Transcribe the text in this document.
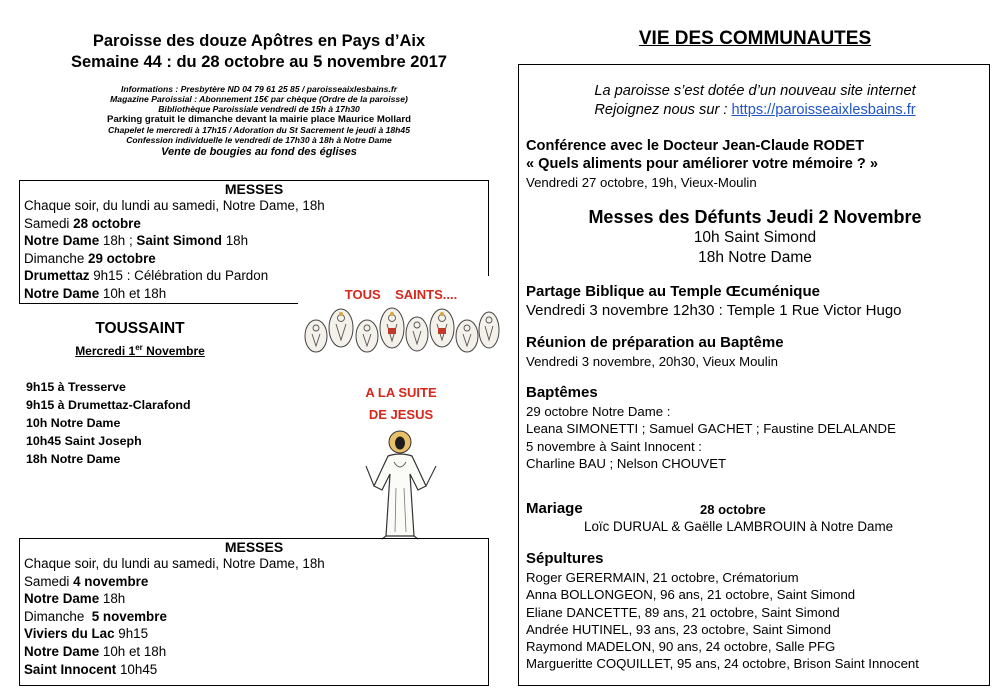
Paroisse des douze Apôtres en Pays d’Aix
Semaine 44 : du 28 octobre au 5 novembre 2017
Informations : Presbytère ND 04 79 61 25 85 / paroisseaixlesbains.fr
Magazine Paroissial : Abonnement 15€ par chèque (Ordre de la paroisse)
Bibliothèque Paroissiale vendredi de 15h à 17h30
Parking gratuit le dimanche devant la mairie place Maurice Mollard
Chapelet le mercredi à 17h15 / Adoration du St Sacrement le jeudi à 18h45
Confession individuelle le vendredi de 17h30 à 18h à Notre Dame
Vente de bougies au fond des églises
MESSES
Chaque soir, du lundi au samedi, Notre Dame, 18h
Samedi 28 octobre
Notre Dame 18h ; Saint Simond 18h
Dimanche 29 octobre
Drumettaz 9h15 : Célébration du Pardon
Notre Dame 10h et 18h
TOUSSAINT
Mercredi 1er Novembre
9h15 à Tresserve
9h15 à Drumettaz-Clarafond
10h Notre Dame
10h45 Saint Joseph
18h Notre Dame
TOUS    SAINTS....
A LA SUITE
DE JESUS
MESSES
Chaque soir, du lundi au samedi, Notre Dame, 18h
Samedi 4 novembre
Notre Dame 18h
Dimanche  5 novembre
Viviers du Lac 9h15
Notre Dame 10h et 18h
Saint Innocent 10h45
VIE DES COMMUNAUTES
La paroisse s’est dotée d’un nouveau site internet
Rejoignez nous sur : https://paroisseaixlesbains.fr
Conférence avec le Docteur Jean-Claude RODET
« Quels aliments pour améliorer votre mémoire ? »
Vendredi 27 octobre, 19h, Vieux-Moulin
Messes des Défunts Jeudi 2 Novembre
10h Saint Simond
18h Notre Dame
Partage Biblique au Temple Œcuménique
Vendredi 3 novembre 12h30 : Temple 1 Rue Victor Hugo
Réunion de préparation au Baptême
Vendredi 3 novembre, 20h30, Vieux Moulin
Baptêmes
29 octobre Notre Dame :
Leana SIMONETTI ; Samuel GACHET ; Faustine DELALANDE
5 novembre à Saint Innocent :
Charline BAU ; Nelson CHOUVET
Mariage	28 octobre
Loïc DURUAL & Gaëlle LAMBROUIN à Notre Dame
Sépultures
Roger GERERMAIN, 21 octobre, Crématorium
Anna BOLLONGEON, 96 ans, 21 octobre, Saint Simond
Eliane DANCETTE, 89 ans, 21 octobre, Saint Simond
Andrée HUTINEL, 93 ans, 23 octobre, Saint Simond
Raymond MADELON, 90 ans, 24 octobre, Salle PFG
Margueritte COQUILLET, 95 ans, 24 octobre, Brison Saint Innocent
